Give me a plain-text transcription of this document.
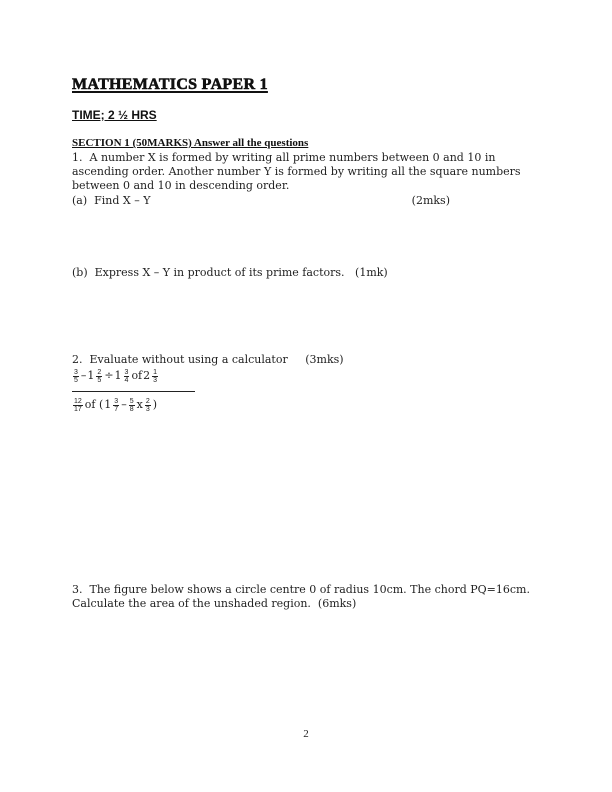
MATHEMATICS PAPER 1
TIME; 2 ½ HRS
SECTION 1 (50MARKS) Answer all the questions
1. A number X is formed by writing all prime numbers between 0 and 10 in ascending order. Another number Y is formed by writing all the square numbers between 0 and 10 in descending order.
(a) Find X – Y	(2mks)
(b) Express X – Y in product of its prime factors. (1mk)
2. Evaluate without using a calculator (3mks)
$\frac{3}{5} - 1 \frac{2}{5} \div 1 \frac{3}{4}$ of $2 \frac{1}{3}$
$\frac{12}{17}$ of ( $1 \frac{3}{7} - \frac{5}{8}$ x $\frac{2}{3}$ )
3. The figure below shows a circle centre 0 of radius 10cm. The chord PQ=16cm. Calculate the area of the unshaded region. (6mks)
2
